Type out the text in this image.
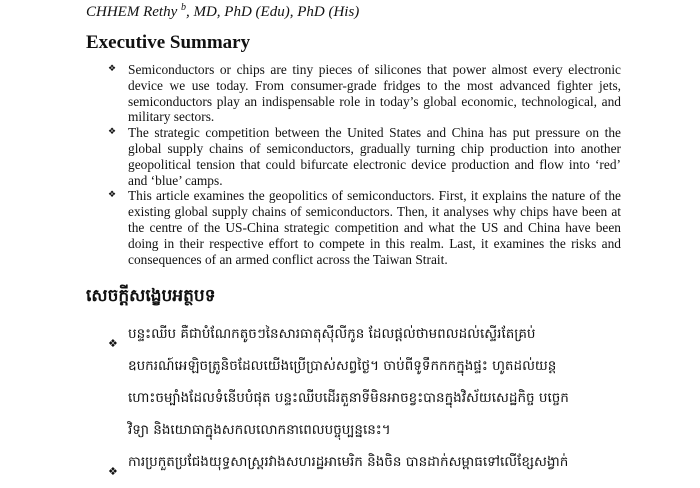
CHHEM Rethy $^b$, MD, PhD (Edu), PhD (His)
Executive Summary
❖ Semiconductors or chips are tiny pieces of silicones that power almost every electronic device we use today. From consumer-grade fridges to the most advanced fighter jets, semiconductors play an indispensable role in today’s global economic, technological, and military sectors.
❖ The strategic competition between the United States and China has put pressure on the global supply chains of semiconductors, gradually turning chip production into another geopolitical tension that could bifurcate electronic device production and flow into ‘red’ and ‘blue’ camps.
❖ This article examines the geopolitics of semiconductors. First, it explains the nature of the existing global supply chains of semiconductors. Then, it analyses why chips have been at the centre of the US-China strategic competition and what the US and China have been doing in their respective effort to compete in this realm. Last, it examines the risks and consequences of an armed conflict across the Taiwan Strait.
សេចក្តីសង្ខេបអត្ថបទ
❖
បន្ទះឈីប គឺជាបំណែកតូចៗនៃសារធាតុស៊ីលីកូន ដែលផ្តល់ថាមពលដល់ស្ទើរតែគ្រប់
ឧបករណ៍អេឡិចត្រូនិចដែលយើងប្រើប្រាស់សព្វថ្ងៃ។ ចាប់ពីទូទឹកកកក្នុងផ្ទះ ហូតដល់យន្ត
ហោះចម្បាំងដែលទំនើបបំផុត បន្ទះឈីបដើរតួនាទីមិនអាចខ្វះបានក្នុងវិស័យសេដ្ឋកិច្ច បច្ចេក
វិទ្យា និងយោធាក្នុងសកលលោកនាពេលបច្ចុប្បន្ននេះ។
❖
ការប្រកួតប្រជែងយុទ្ធសាស្ត្ររវាងសហរដ្ឋអាមេរិក និងចិន បានដាក់សម្ពាធទៅលើខ្សែសង្វាក់
